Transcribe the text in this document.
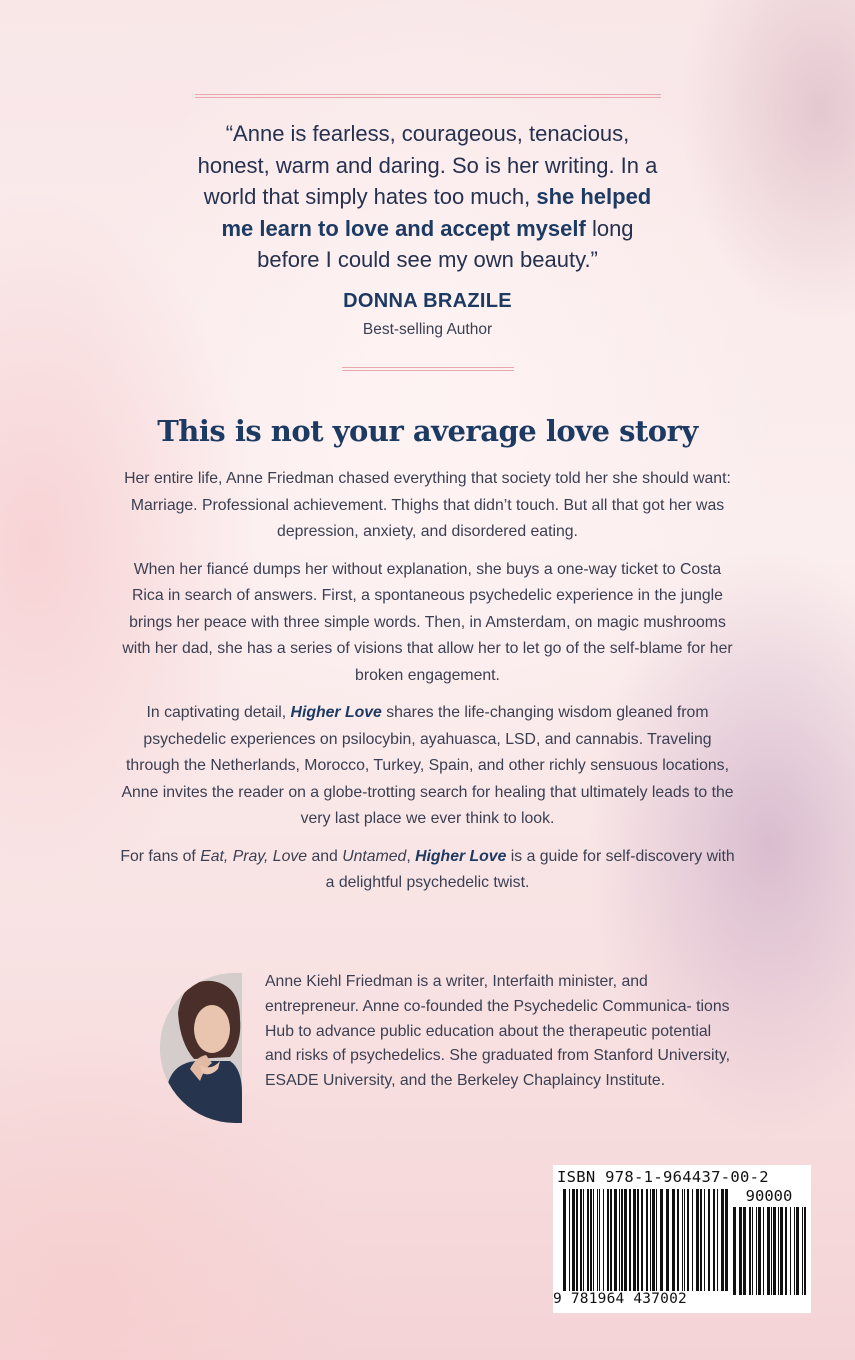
“Anne is fearless, courageous, tenacious, honest, warm and daring. So is her writing. In a world that simply hates too much, she helped me learn to love and accept myself long before I could see my own beauty.”
DONNA BRAZILE
Best-selling Author
This is not your average love story

Her entire life, Anne Friedman chased everything that society told her she should want: Marriage. Professional achievement. Thighs that didn’t touch. But all that got her was depression, anxiety, and disordered eating.

When her fiancé dumps her without explanation, she buys a one-way ticket to Costa Rica in search of answers. First, a spontaneous psychedelic experience in the jungle brings her peace with three simple words. Then, in Amsterdam, on magic mushrooms with her dad, she has a series of visions that allow her to let go of the self-blame for her broken engagement.

In captivating detail, Higher Love shares the life-changing wisdom gleaned from psychedelic experiences on psilocybin, ayahuasca, LSD, and cannabis. Traveling through the Netherlands, Morocco, Turkey, Spain, and other richly sensuous locations, Anne invites the reader on a globe-trotting search for healing that ultimately leads to the very last place we ever think to look.

For fans of Eat, Pray, Love and Untamed, Higher Love is a guide for self-discovery with a delightful psychedelic twist.

Anne Kiehl Friedman is a writer, Interfaith minister, and entrepreneur. Anne co-founded the Psychedelic Communica- tions Hub to advance public education about the therapeutic potential and risks of psychedelics. She graduated from Stanford University, ESADE University, and the Berkeley Chaplaincy Institute.
ISBN 978-1-964437-00-2
90000
9 781964 437002
